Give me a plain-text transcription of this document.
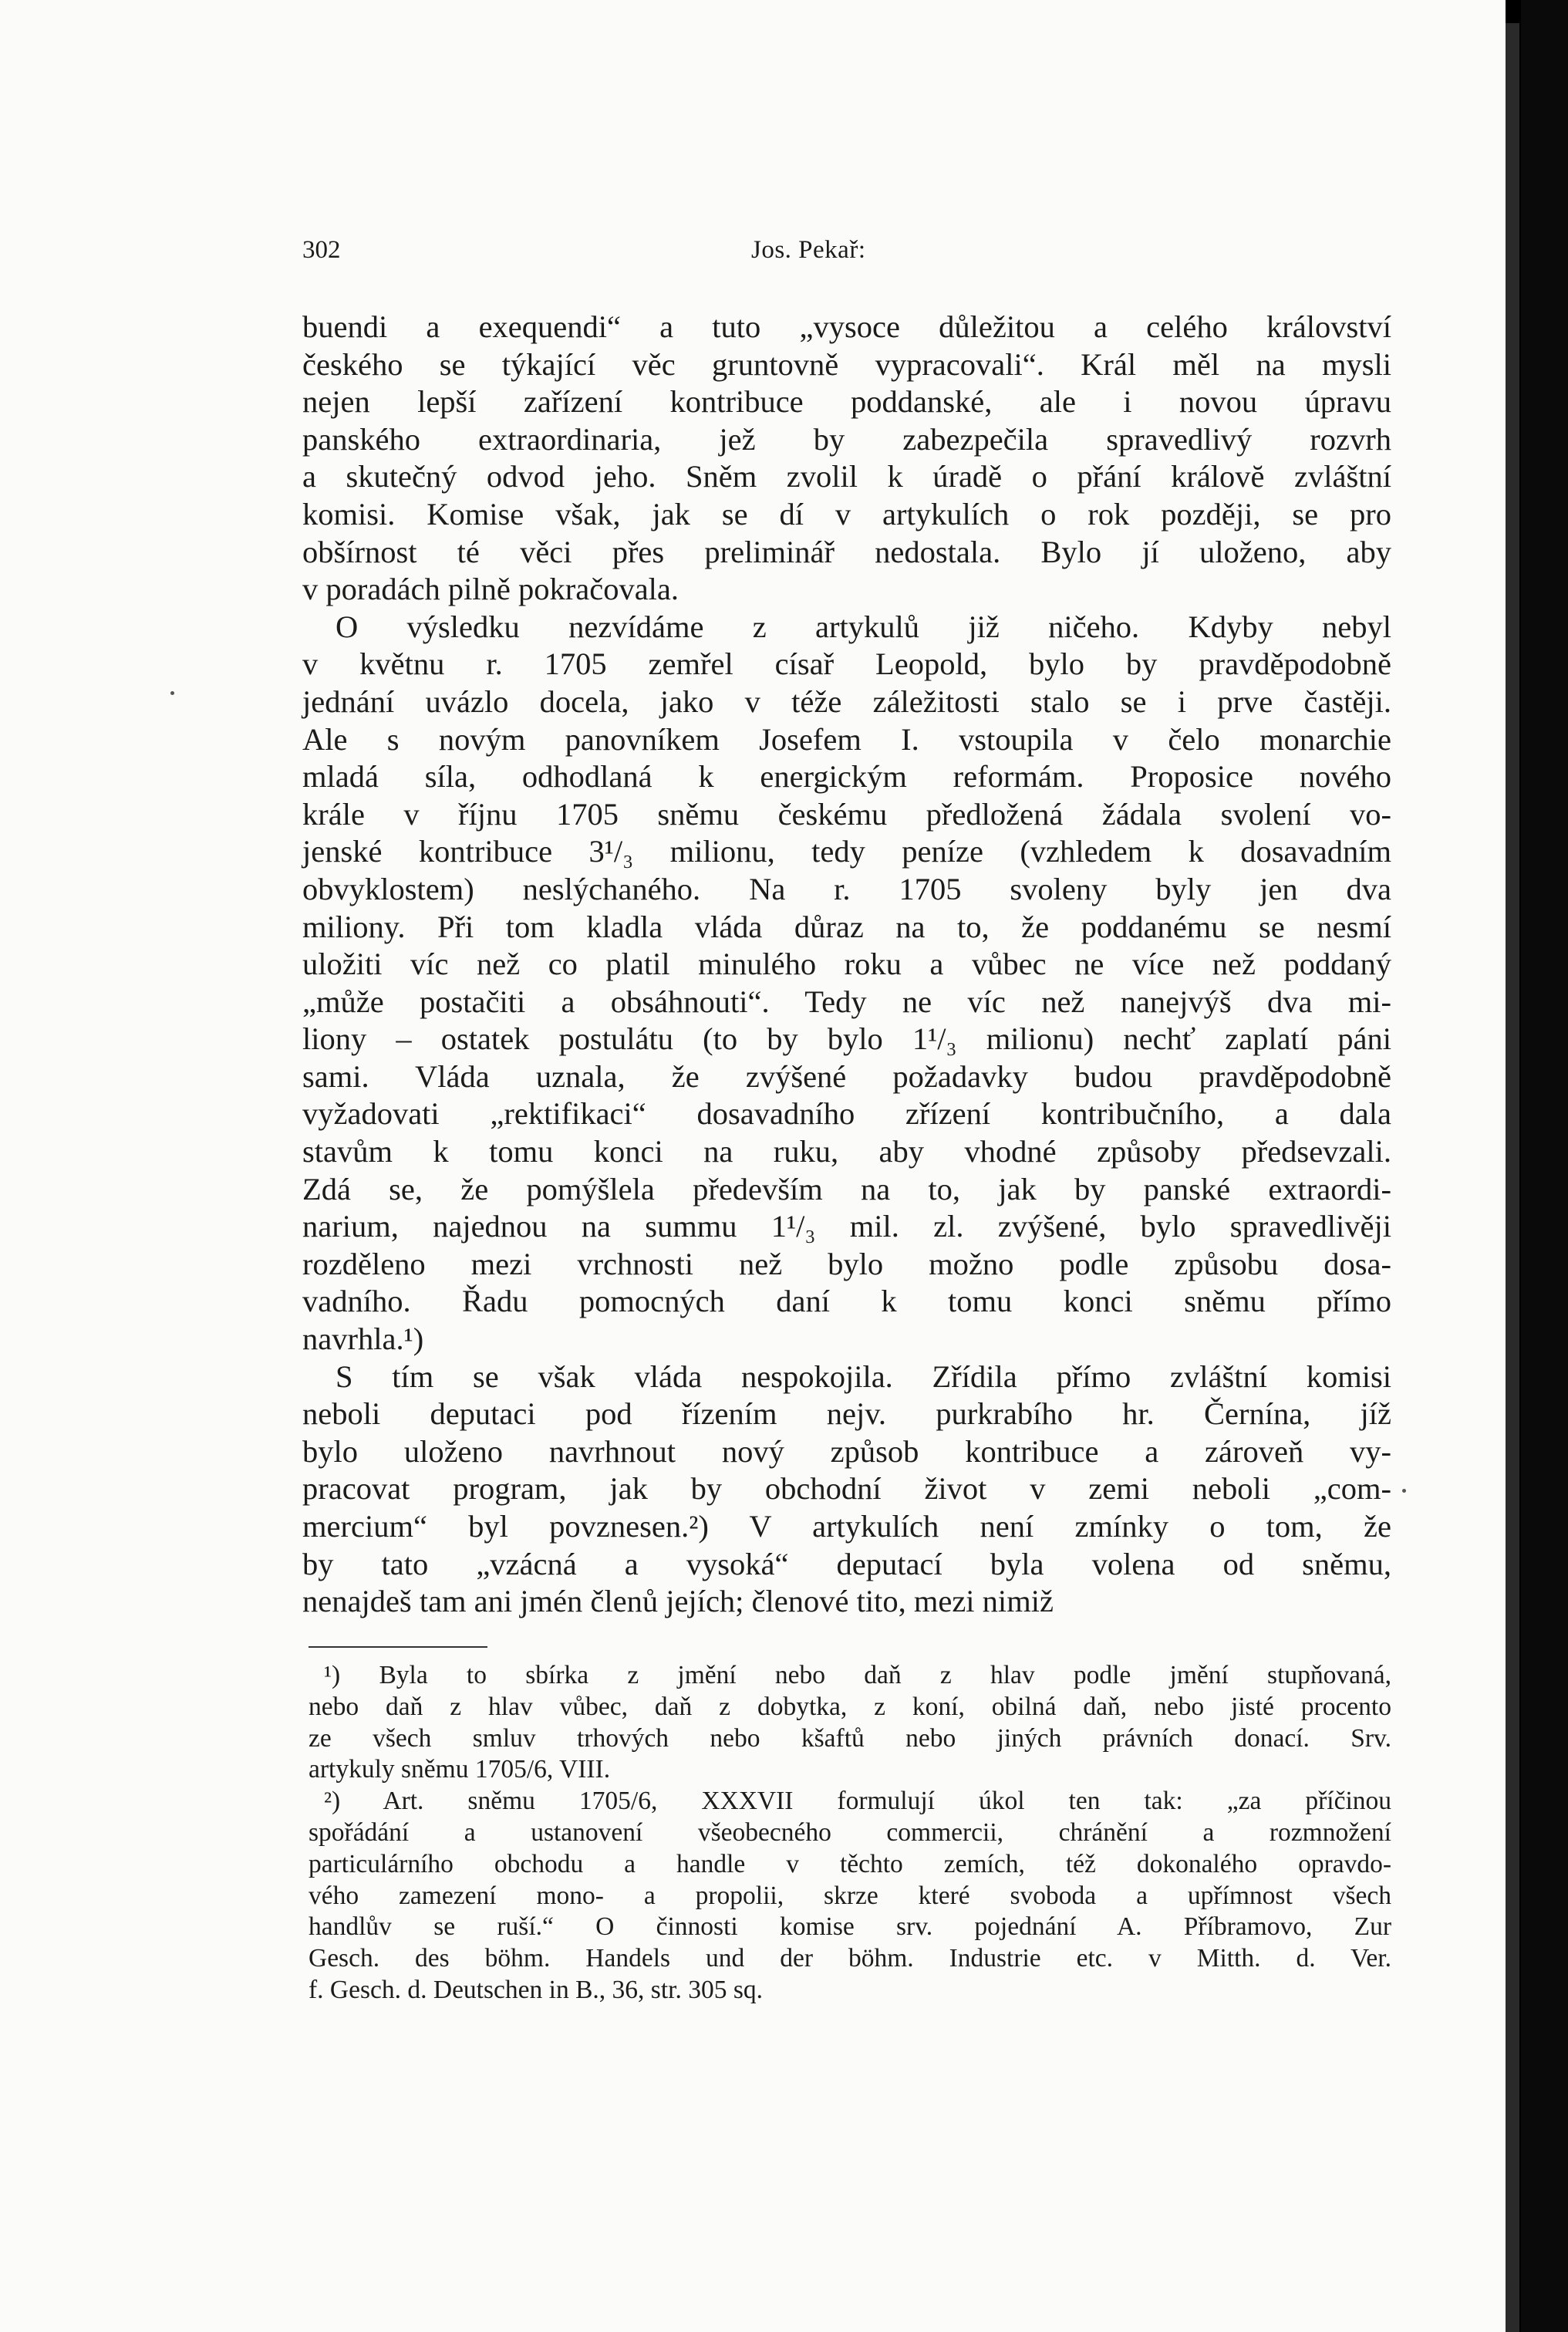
302	Jos. Pekař:
buendi a exequendi“ a tuto „vysoce důležitou a celého království
českého se týkající věc gruntovně vypracovali“. Král měl na mysli
nejen lepší zařízení kontribuce poddanské, ale i novou úpravu
panského extraordinaria, jež by zabezpečila spravedlivý rozvrh
a skutečný odvod jeho. Sněm zvolil k úradě o přání královĕ zvláštní
komisi. Komise však, jak se dí v artykulích o rok později, se pro
obšírnost té věci přes preliminář nedostala. Bylo jí uloženo, aby
v poradách pilně pokračovala.
O výsledku nezvídáme z artykulů již ničeho. Kdyby nebyl
v květnu r. 1705 zemřel císař Leopold, bylo by pravděpodobně
jednání uvázlo docela, jako v téže záležitosti stalo se i prve častěji.
Ale s novým panovníkem Josefem I. vstoupila v čelo monarchie
mladá síla, odhodlaná k energickým reformám. Proposice nového
krále v říjnu 1705 sněmu českému předložená žádala svolení vo-
jenské kontribuce 3¹/₃ milionu, tedy peníze (vzhledem k dosavadním
obvyklostem) neslýchaného. Na r. 1705 svoleny byly jen dva
miliony. Při tom kladla vláda důraz na to, že poddanému se nesmí
uložiti víc než co platil minulého roku a vůbec ne více než poddaný
„může postačiti a obsáhnouti“. Tedy ne víc než nanejvýš dva mi-
liony – ostatek postulátu (to by bylo 1¹/₃ milionu) nechť zaplatí páni
sami. Vláda uznala, že zvýšené požadavky budou pravděpodobně
vyžadovati „rektifikaci“ dosavadního zřízení kontribučního, a dala
stavům k tomu konci na ruku, aby vhodné způsoby předsevzali.
Zdá se, že pomýšlela především na to, jak by panské extraordi-
narium, najednou na summu 1¹/₃ mil. zl. zvýšené, bylo spravedlivěji
rozděleno mezi vrchnosti než bylo možno podle způsobu dosa-
vadního. Řadu pomocných daní k tomu konci sněmu přímo
navrhla.¹)
S tím se však vláda nespokojila. Zřídila přímo zvláštní komisi
neboli deputaci pod řízením nejv. purkrabího hr. Černína, jíž
bylo uloženo navrhnout nový způsob kontribuce a zároveň vy-
pracovat program, jak by obchodní život v zemi neboli „com-
mercium“ byl povznesen.²) V artykulích není zmínky o tom, že
by tato „vzácná a vysoká“ deputací byla volena od sněmu,
nenajdeš tam ani jmén členů jejích; členové tito, mezi nimiž
¹) Byla to sbírka z jmění nebo daň z hlav podle jmění stupňovaná,
nebo daň z hlav vůbec, daň z dobytka, z koní, obilná daň, nebo jisté procento
ze všech smluv trhových nebo kšaftů nebo jiných právních donací. Srv.
artykuly sněmu 1705/6, VIII.
²) Art. sněmu 1705/6, XXXVII formulují úkol ten tak: „za příčinou
spořádání a ustanovení všeobecného commercii, chránění a rozmnožení
particulárního obchodu a handle v těchto zemích, též dokonalého opravdo-
vého zamezení mono- a propolii, skrze které svoboda a upřímnost všech
handlův se ruší.“ O činnosti komise srv. pojednání A. Příbramovo, Zur
Gesch. des böhm. Handels und der böhm. Industrie etc. v Mitth. d. Ver.
f. Gesch. d. Deutschen in B., 36, str. 305 sq.
